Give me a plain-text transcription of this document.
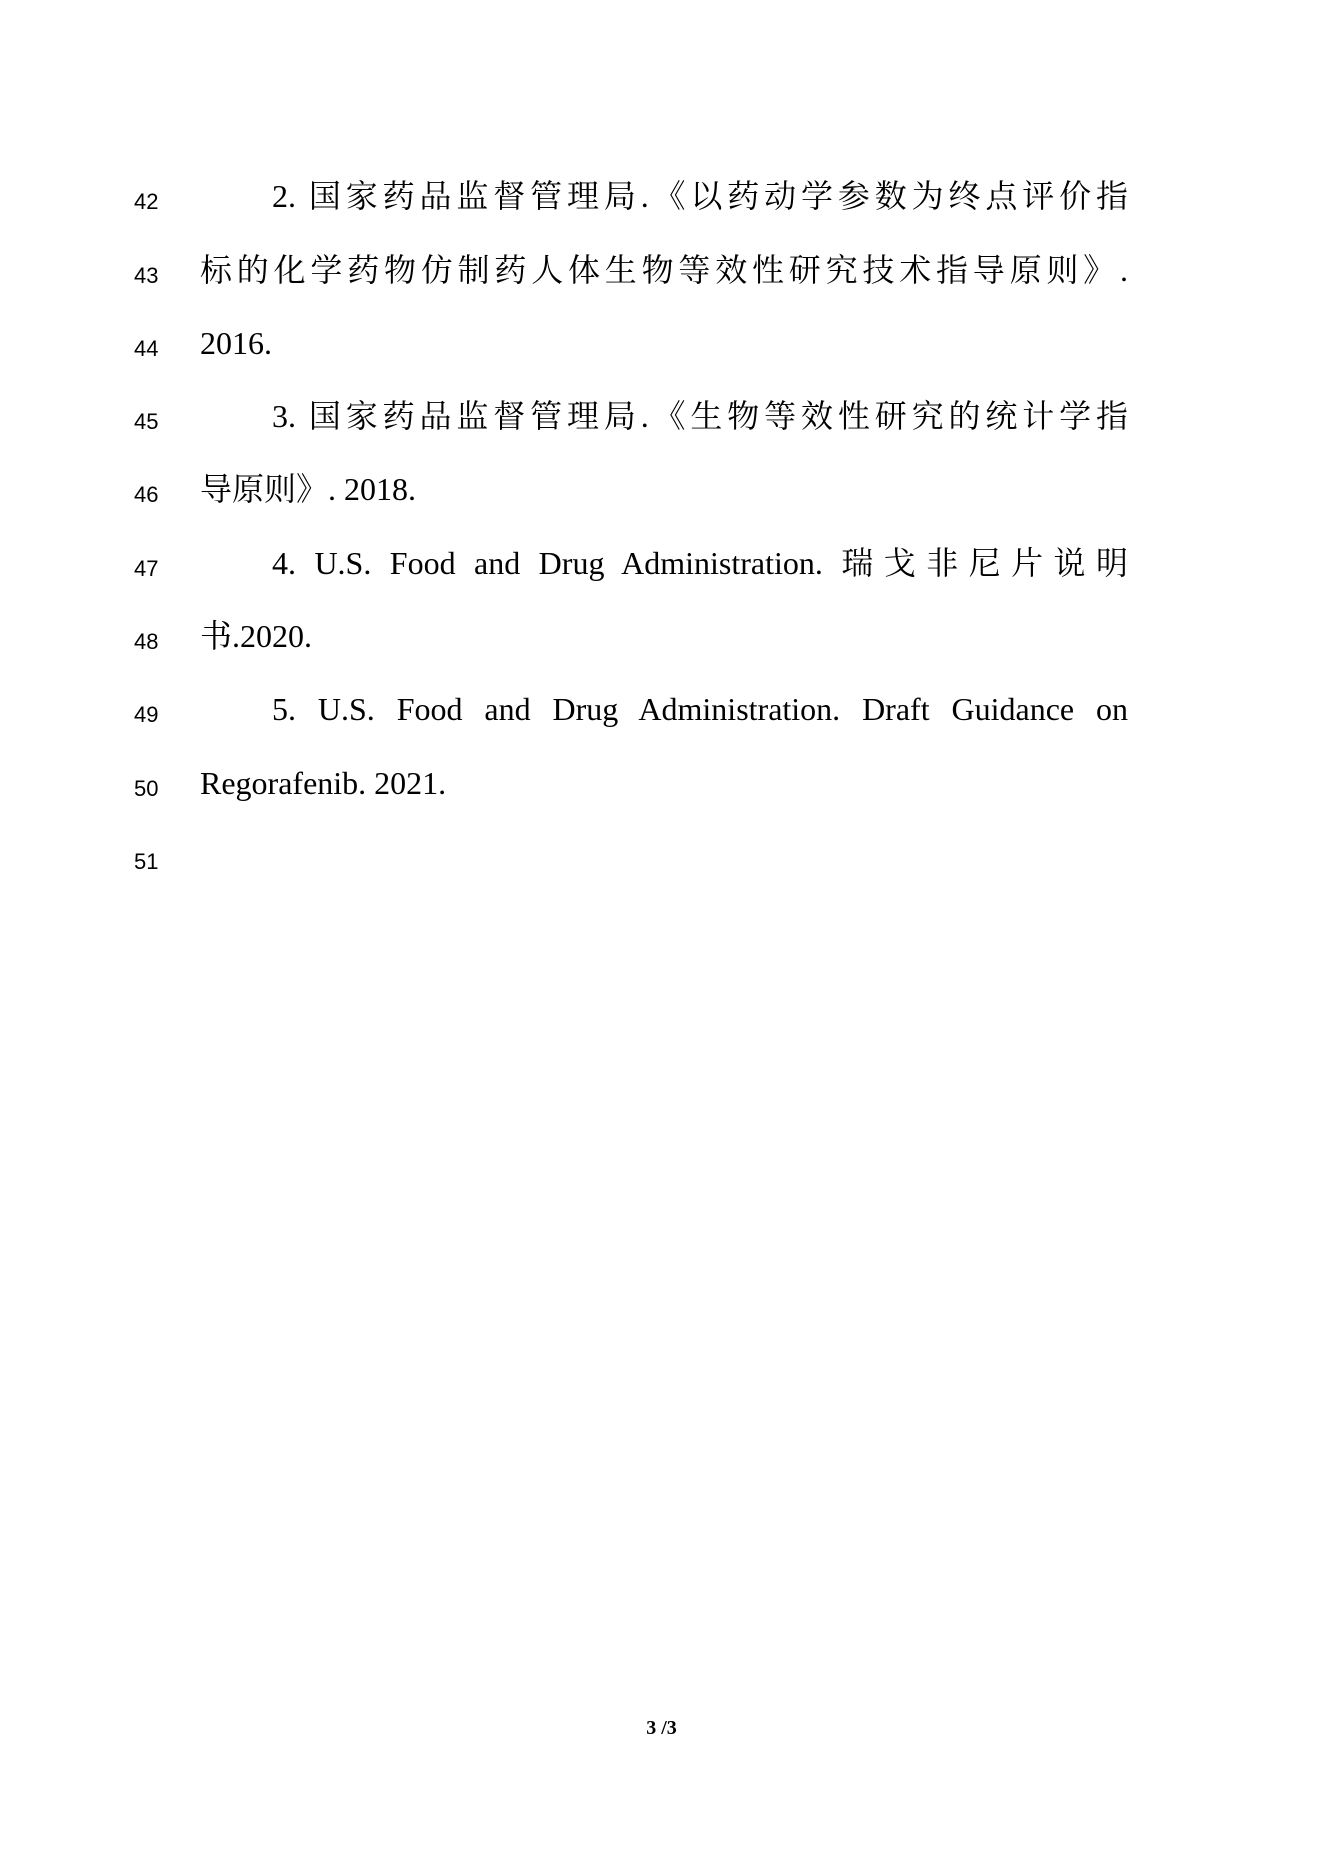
42	2. 国家药品监督管理局.《以药动学参数为终点评价指
43	标的化学药物仿制药人体生物等效性研究技术指导原则》.
44	2016.
45	3. 国家药品监督管理局.《生物等效性研究的统计学指
46	导原则》. 2018.
47	4. U.S. Food and Drug Administration. 瑞戈非尼片说明
48	书.2020.
49	5. U.S. Food and Drug Administration. Draft Guidance on
50	Regorafenib. 2021.
51
3 /3
